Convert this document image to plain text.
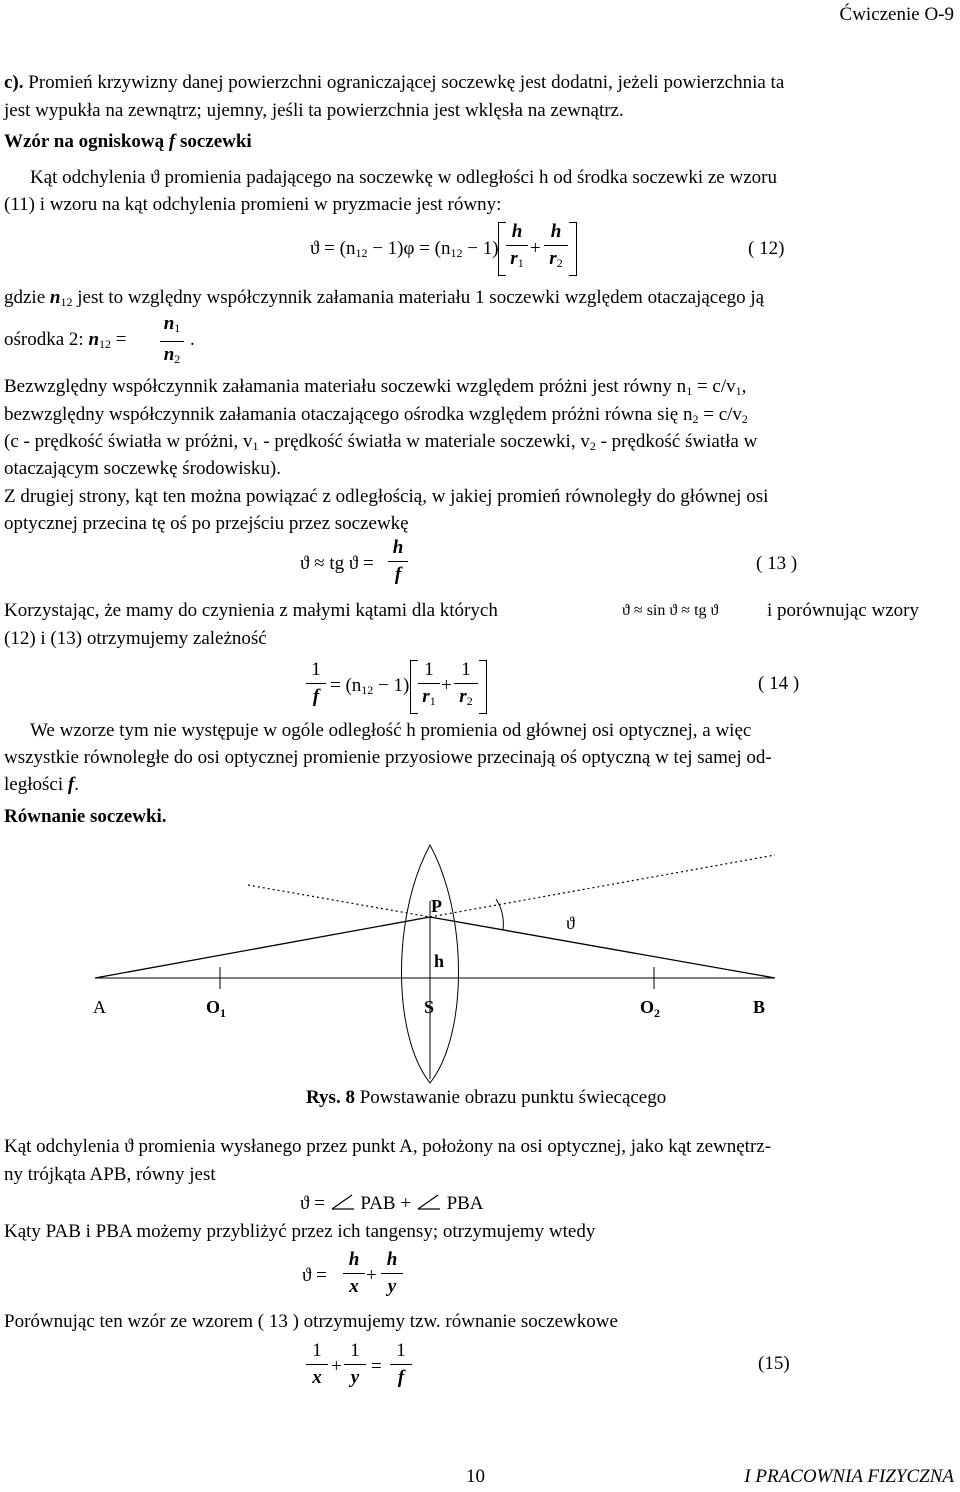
Ćwiczenie O-9
c). Promień krzywizny danej powierzchni ograniczającej soczewkę jest dodatni, jeżeli powierzchnia ta
jest wypukła na zewnątrz; ujemny, jeśli ta powierzchnia jest wklęsła na zewnątrz.
Wzór na ogniskową f soczewki
Kąt odchylenia ϑ promienia padającego na soczewkę w odległości h od środka soczewki ze wzoru
(11) i wzoru na kąt odchylenia promieni w pryzmacie jest równy:
$ϑ = (n_{12} - 1)\varphi = (n_{12} - 1)$
h
$r_1$
+
h
$r_2$
( 12)
gdzie $n_{12}$ jest to względny współczynnik załamania materiału 1 soczewki względem otaczającego ją
ośrodka 2: $n_{12}$ =
$n_1$
$n_2$
.
Bezwzględny współczynnik załamania materiału soczewki względem próżni jest równy $n_1 = c/v_1$,
bezwzględny współczynnik załamania otaczającego ośrodka względem próżni równa się $n_2 = c/v_2$
(c - prędkość światła w próżni, $v_1$ - prędkość światła w materiale soczewki, $v_2$ - prędkość światła w
otaczającym soczewkę środowisku).
Z drugiej strony, kąt ten można powiązać z odległością, w jakiej promień równoległy do głównej osi
optycznej przecina tę oś po przejściu przez soczewkę
ϑ ≈ tg ϑ =
h
f
( 13 )
Korzystając, że mamy do czynienia z małymi kątami dla których	ϑ ≈ sin ϑ ≈ tg ϑ	i porównując wzory
(12) i (13) otrzymujemy zależność
1
f
= $(n_{12} - 1)$
1
$r_1$
+
1
$r_2$
( 14 )
We wzorze tym nie występuje w ogóle odległość h promienia od głównej osi optycznej, a więc
wszystkie równoległe do osi optycznej promienie przyosiowe przecinają oś optyczną w tej samej od-
ległości f.
Równanie soczewki.
A	$O_1$	S	$O_2$	B
P
h
ϑ
Rys. 8 Powstawanie obrazu punktu świecącego
Kąt odchylenia ϑ promienia wysłanego przez punkt A, położony na osi optycznej, jako kąt zewnętrz-
ny trójkąta APB, równy jest
ϑ =  PAB +  PBA
Kąty PAB i PBA możemy przybliżyć przez ich tangensy; otrzymujemy wtedy
ϑ =
h
x
+
h
y
Porównując ten wzór ze wzorem ( 13 ) otrzymujemy tzw. równanie soczewkowe
1
x
+
1
y
=
1
f
(15)
10	I PRACOWNIA FIZYCZNA
